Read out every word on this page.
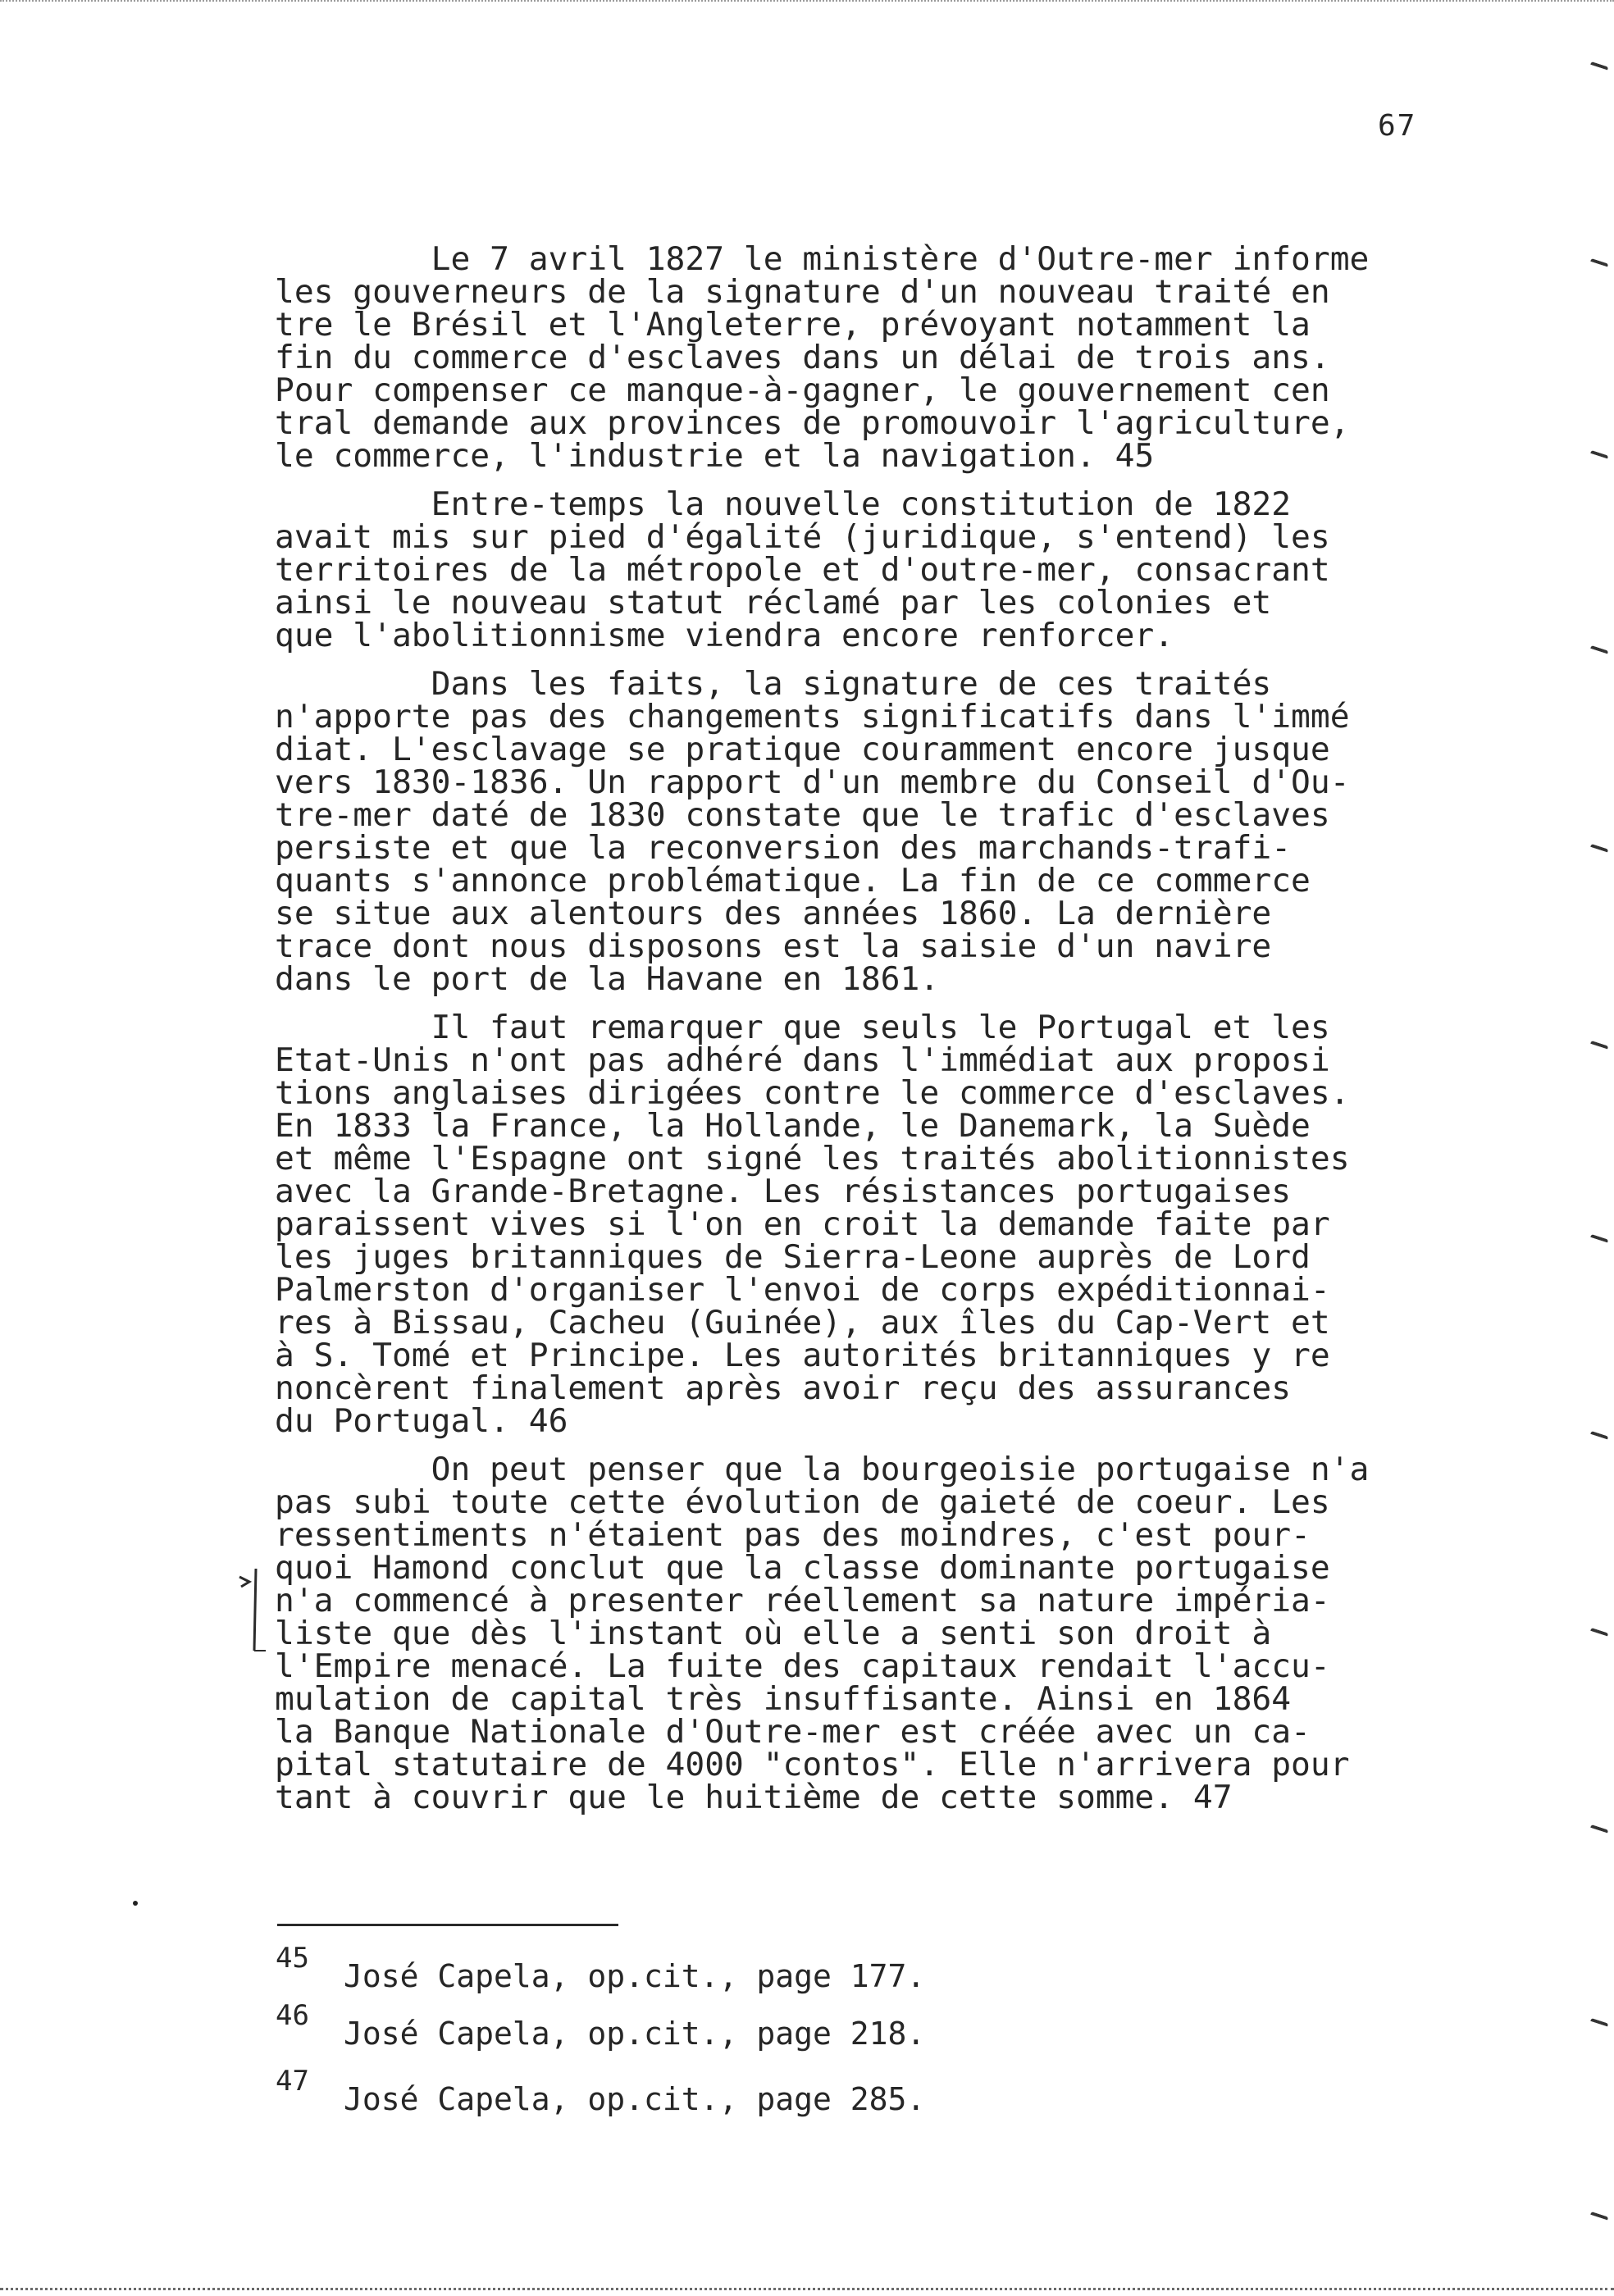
67
Le 7 avril 1827 le ministère d'Outre-mer informe
les gouverneurs de la signature d'un nouveau traité en
tre le Brésil et l'Angleterre, prévoyant notamment la
fin du commerce d'esclaves dans un délai de trois ans.
Pour compenser ce manque-à-gagner, le gouvernement cen
tral demande aux provinces de promouvoir l'agriculture,
le commerce, l'industrie et la navigation. 45
Entre-temps la nouvelle constitution de 1822
avait mis sur pied d'égalité (juridique, s'entend) les
territoires de la métropole et d'outre-mer, consacrant
ainsi le nouveau statut réclamé par les colonies et
que l'abolitionnisme viendra encore renforcer.
Dans les faits, la signature de ces traités
n'apporte pas des changements significatifs dans l'immé
diat. L'esclavage se pratique couramment encore jusque
vers 1830-1836. Un rapport d'un membre du Conseil d'Ou-
tre-mer daté de 1830 constate que le trafic d'esclaves
persiste et que la reconversion des marchands-trafi-
quants s'annonce problématique. La fin de ce commerce
se situe aux alentours des années 1860. La dernière
trace dont nous disposons est la saisie d'un navire
dans le port de la Havane en 1861.
Il faut remarquer que seuls le Portugal et les
Etat-Unis n'ont pas adhéré dans l'immédiat aux proposi
tions anglaises dirigées contre le commerce d'esclaves.
En 1833 la France, la Hollande, le Danemark, la Suède
et même l'Espagne ont signé les traités abolitionnistes
avec la Grande-Bretagne. Les résistances portugaises
paraissent vives si l'on en croit la demande faite par
les juges britanniques de Sierra-Leone auprès de Lord
Palmerston d'organiser l'envoi de corps expéditionnai-
res à Bissau, Cacheu (Guinée), aux îles du Cap-Vert et
à S. Tomé et Principe. Les autorités britanniques y re
noncèrent finalement après avoir reçu des assurances
du Portugal. 46
On peut penser que la bourgeoisie portugaise n'a
pas subi toute cette évolution de gaieté de coeur. Les
ressentiments n'étaient pas des moindres, c'est pour-
quoi Hamond conclut que la classe dominante portugaise
n'a commencé à presenter réellement sa nature impéria-
liste que dès l'instant où elle a senti son droit à
l'Empire menacé. La fuite des capitaux rendait l'accu-
mulation de capital très insuffisante. Ainsi en 1864
la Banque Nationale d'Outre-mer est créée avec un ca-
pital statutaire de 4000 "contos". Elle n'arrivera pour
tant à couvrir que le huitième de cette somme. 47

45

José Capela, op.cit., page 177.

46

José Capela, op.cit., page 218.

47

José Capela, op.cit., page 285.
